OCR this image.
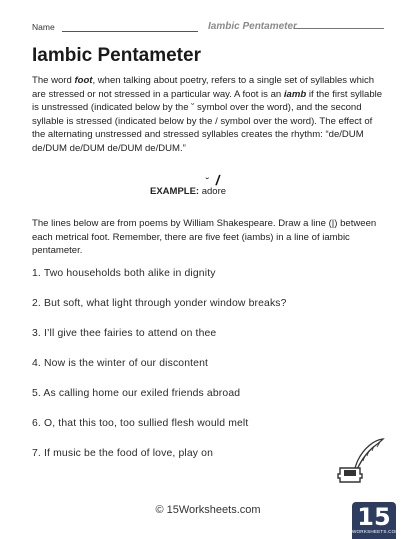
Name	Iambic Pentameter
Iambic Pentameter

The word foot, when talking about poetry, refers to a single set of syllables which are stressed or not stressed in a particular way. A foot is an iamb if the first syllable is unstressed (indicated below by the ˘ symbol over the word), and the second syllable is stressed (indicated below by the / symbol over the word). The effect of the alternating unstressed and stressed syllables creates the rhythm: “de/DUM de/DUM de/DUM de/DUM de/DUM.”

EXAMPLE:
˘ /
adore

The lines below are from poems by William Shakespeare. Draw a line (|) between each metrical foot. Remember, there are five feet (iambs) in a line of iambic pentameter.

1. Two households both alike in dignity
2. But soft, what light through yonder window breaks?
3. I’ll give thee fairies to attend on thee
4. Now is the winter of our discontent
5. As calling home our exiled friends abroad
6. O, that this too, too sullied flesh would melt
7. If music be the food of love, play on
© 15Worksheets.com	15
WORKSHEETS.COM
